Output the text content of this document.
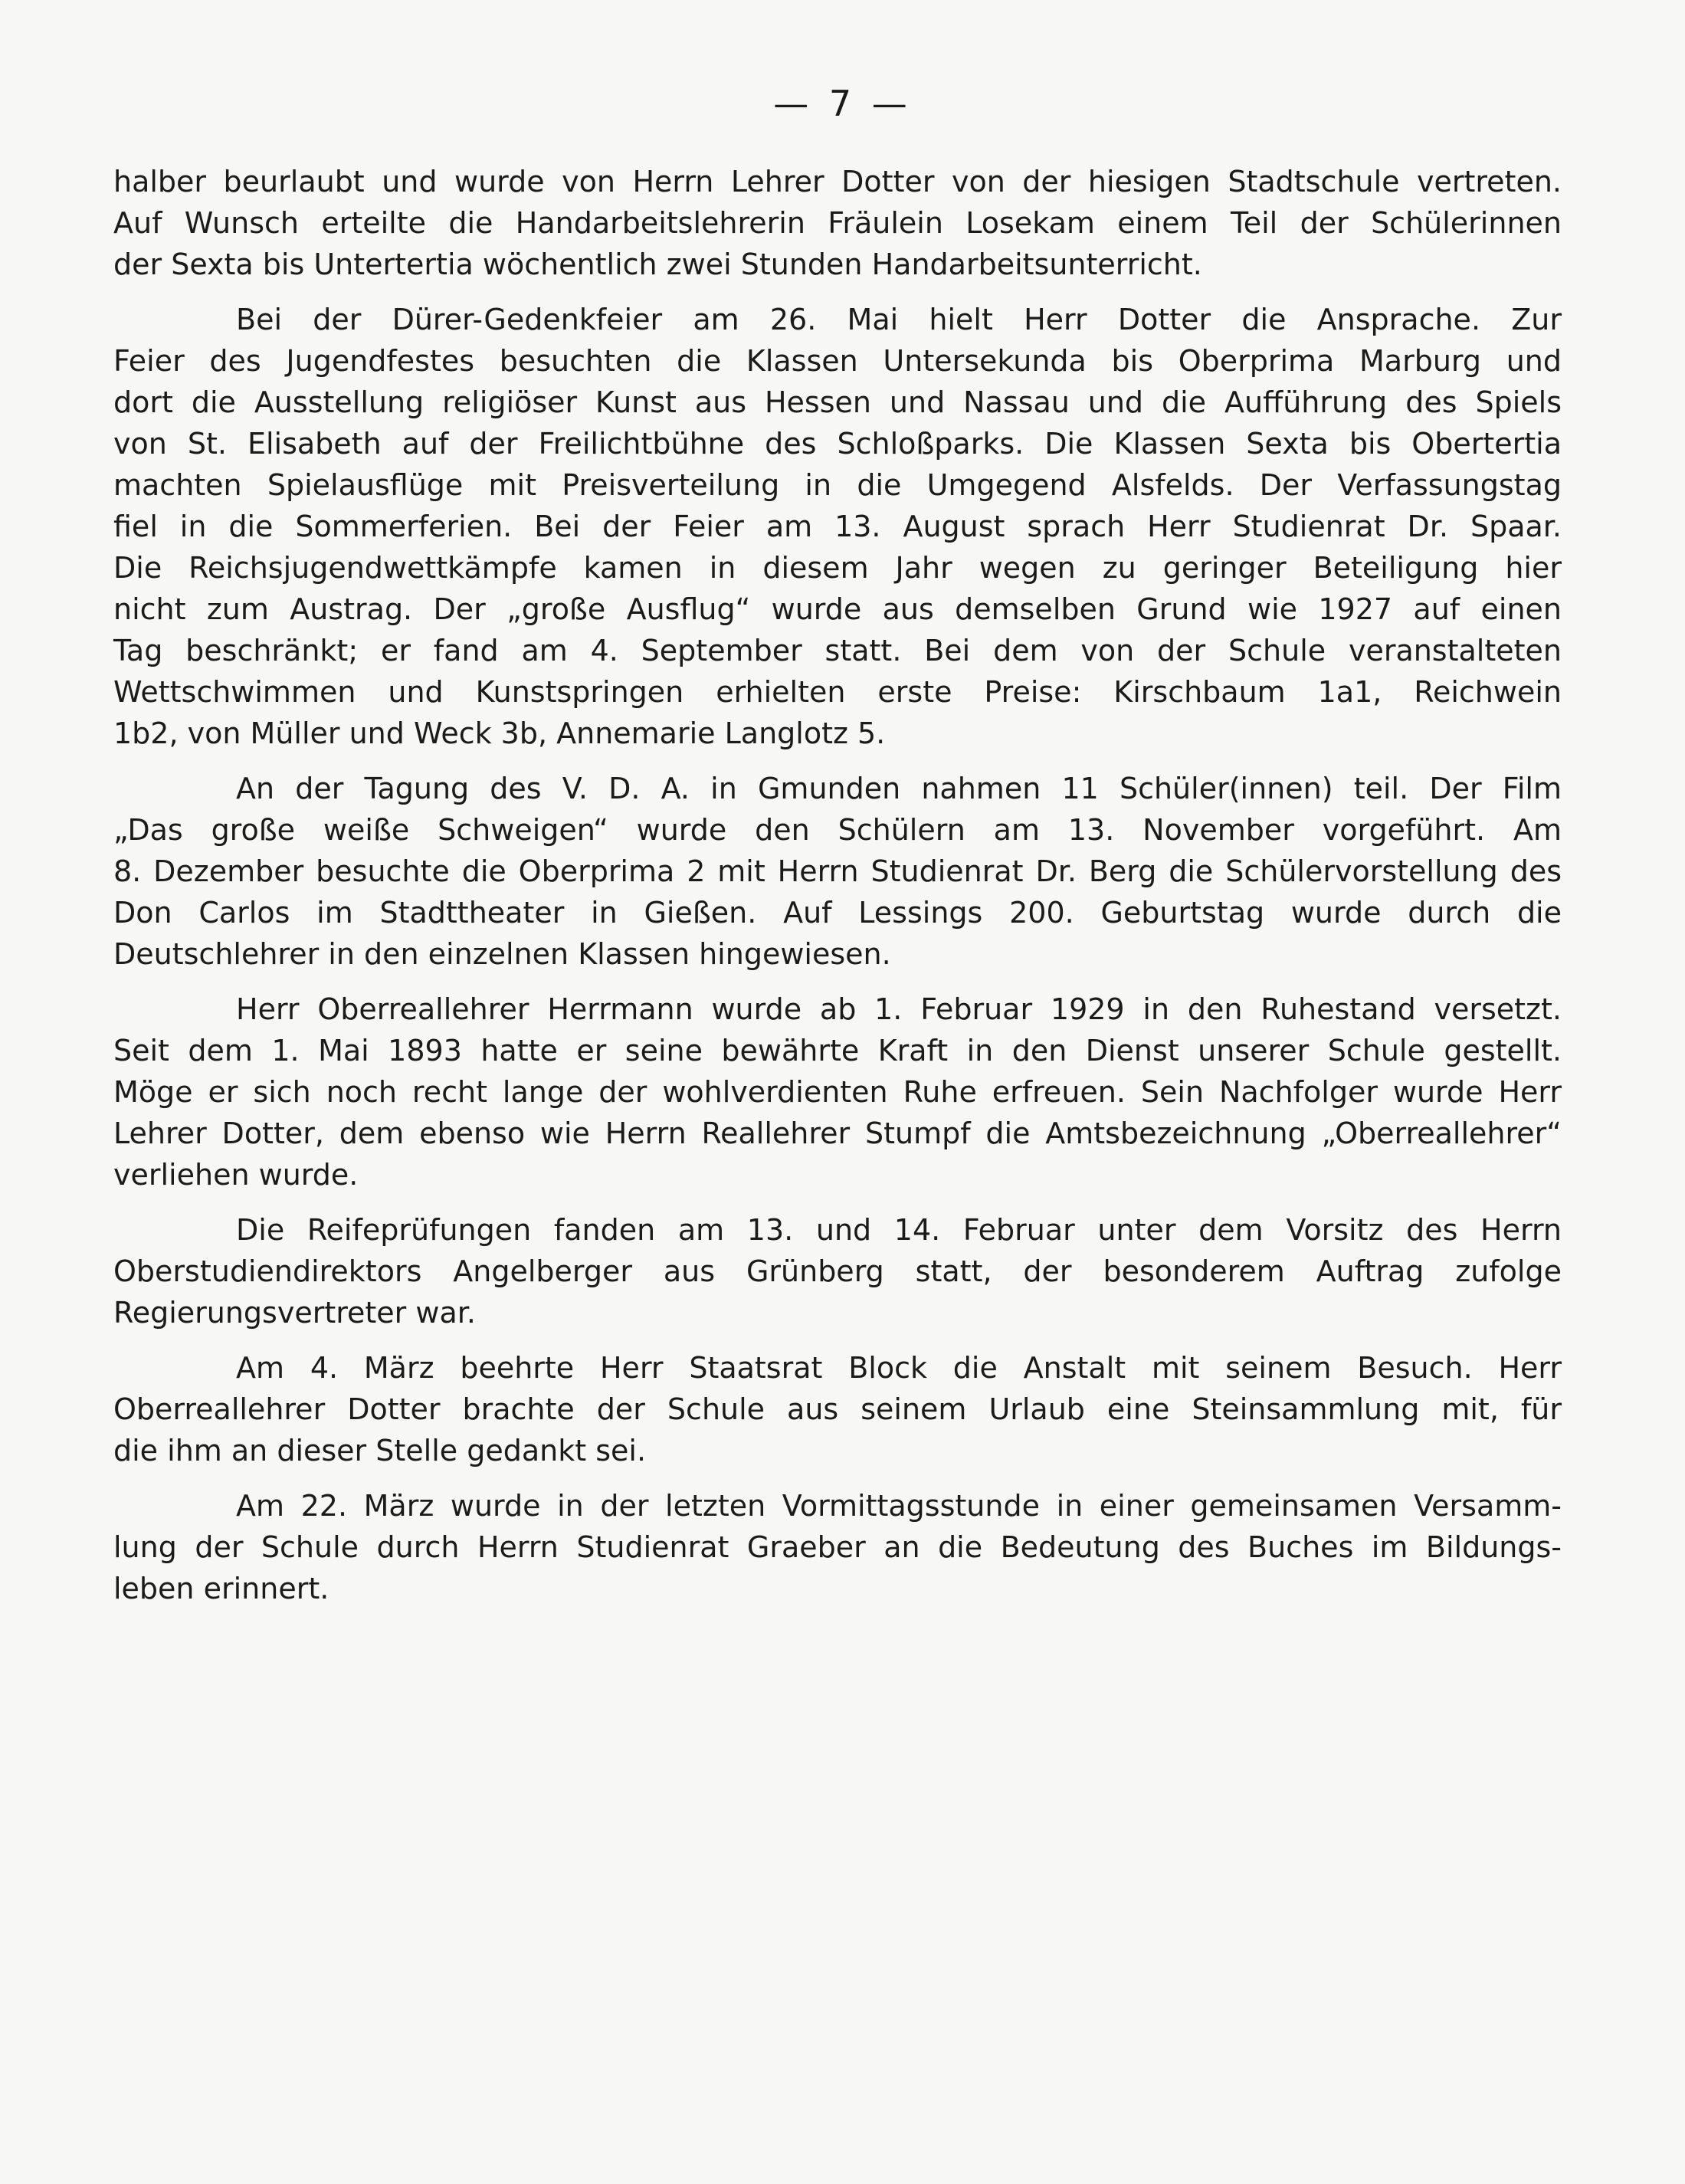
— 7 —
halber beurlaubt und wurde von Herrn Lehrer Dotter von der hiesigen Stadtschule vertreten.
Auf Wunsch erteilte die Handarbeitslehrerin Fräulein Losekam einem Teil der Schülerinnen
der Sexta bis Untertertia wöchentlich zwei Stunden Handarbeitsunterricht.
Bei der Dürer-Gedenkfeier am 26. Mai hielt Herr Dotter die Ansprache. Zur
Feier des Jugendfestes besuchten die Klassen Untersekunda bis Oberprima Marburg und
dort die Ausstellung religiöser Kunst aus Hessen und Nassau und die Aufführung des Spiels
von St. Elisabeth auf der Freilichtbühne des Schloßparks. Die Klassen Sexta bis Obertertia
machten Spielausflüge mit Preisverteilung in die Umgegend Alsfelds. Der Verfassungstag
fiel in die Sommerferien. Bei der Feier am 13. August sprach Herr Studienrat Dr. Spaar.
Die Reichsjugendwettkämpfe kamen in diesem Jahr wegen zu geringer Beteiligung hier
nicht zum Austrag. Der „große Ausflug“ wurde aus demselben Grund wie 1927 auf einen
Tag beschränkt; er fand am 4. September statt. Bei dem von der Schule veranstalteten
Wettschwimmen und Kunstspringen erhielten erste Preise: Kirschbaum 1a1, Reichwein
1b2, von Müller und Weck 3b, Annemarie Langlotz 5.
An der Tagung des V. D. A. in Gmunden nahmen 11 Schüler(innen) teil. Der Film
„Das große weiße Schweigen“ wurde den Schülern am 13. November vorgeführt. Am
8. Dezember besuchte die Oberprima 2 mit Herrn Studienrat Dr. Berg die Schülervorstellung des
Don Carlos im Stadttheater in Gießen. Auf Lessings 200. Geburtstag wurde durch die
Deutschlehrer in den einzelnen Klassen hingewiesen.
Herr Oberreallehrer Herrmann wurde ab 1. Februar 1929 in den Ruhestand versetzt.
Seit dem 1. Mai 1893 hatte er seine bewährte Kraft in den Dienst unserer Schule gestellt.
Möge er sich noch recht lange der wohlverdienten Ruhe erfreuen. Sein Nachfolger wurde Herr
Lehrer Dotter, dem ebenso wie Herrn Reallehrer Stumpf die Amtsbezeichnung „Oberreallehrer“
verliehen wurde.
Die Reifeprüfungen fanden am 13. und 14. Februar unter dem Vorsitz des Herrn
Oberstudiendirektors Angelberger aus Grünberg statt, der besonderem Auftrag zufolge
Regierungsvertreter war.
Am 4. März beehrte Herr Staatsrat Block die Anstalt mit seinem Besuch. Herr
Oberreallehrer Dotter brachte der Schule aus seinem Urlaub eine Steinsammlung mit, für
die ihm an dieser Stelle gedankt sei.
Am 22. März wurde in der letzten Vormittagsstunde in einer gemeinsamen Versamm-
lung der Schule durch Herrn Studienrat Graeber an die Bedeutung des Buches im Bildungs-
leben erinnert.
